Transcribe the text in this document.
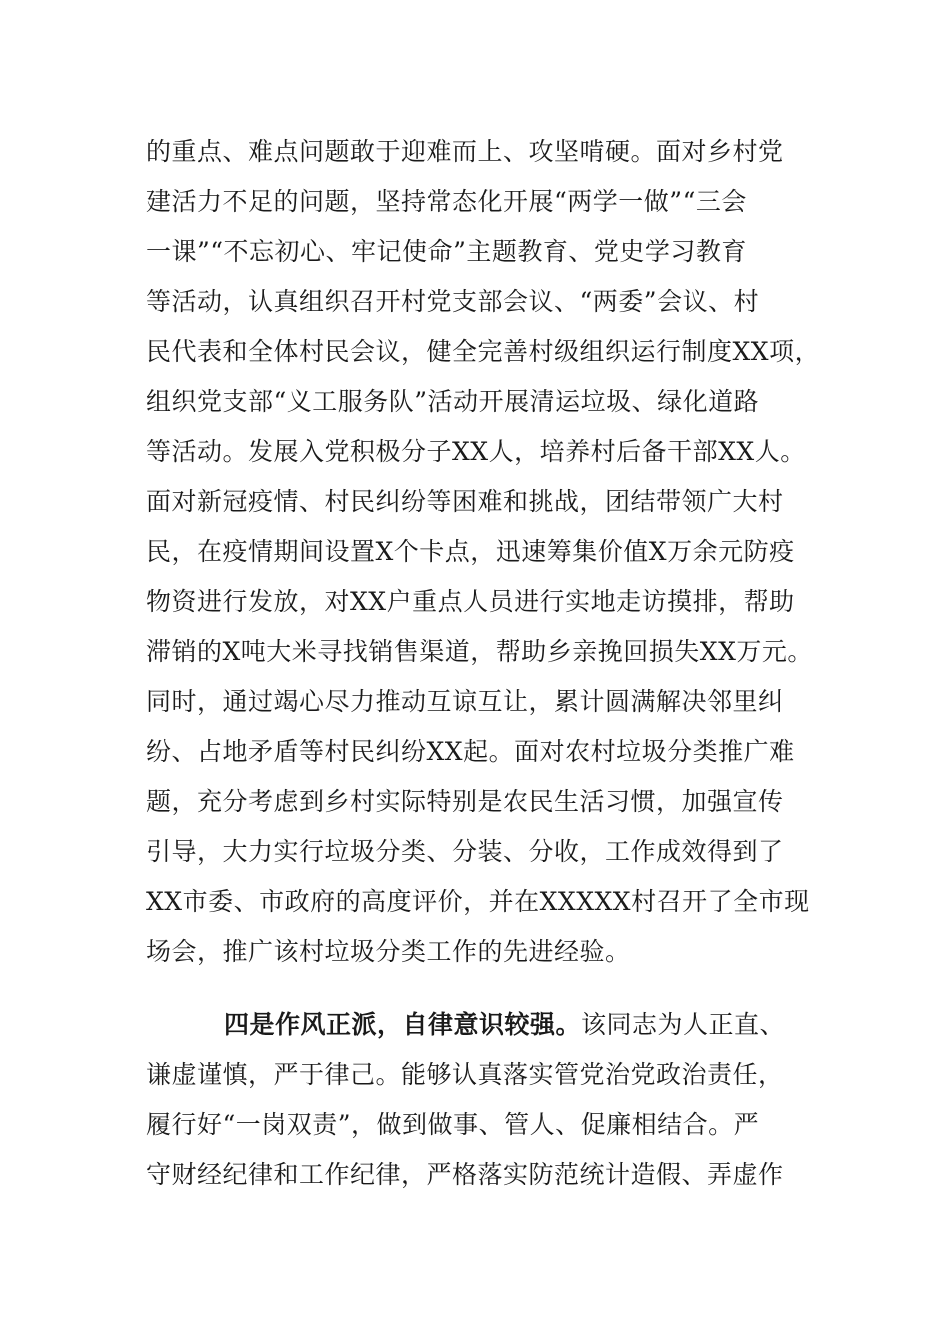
的重点、难点问题敢于迎难而上、攻坚啃硬。面对乡村党
建活力不足的问题，坚持常态化开展“两学一做”“三会
一课”“不忘初心、牢记使命”主题教育、党史学习教育
等活动，认真组织召开村党支部会议、“两委”会议、村
民代表和全体村民会议，健全完善村级组织运行制度XX项，
组织党支部“义工服务队”活动开展清运垃圾、绿化道路
等活动。发展入党积极分子XX人，培养村后备干部XX人。
面对新冠疫情、村民纠纷等困难和挑战，团结带领广大村
民，在疫情期间设置X个卡点，迅速筹集价值X万余元防疫
物资进行发放，对XX户重点人员进行实地走访摸排，帮助
滞销的X吨大米寻找销售渠道，帮助乡亲挽回损失XX万元。
同时，通过竭心尽力推动互谅互让，累计圆满解决邻里纠
纷、占地矛盾等村民纠纷XX起。面对农村垃圾分类推广难
题，充分考虑到乡村实际特别是农民生活习惯，加强宣传
引导，大力实行垃圾分类、分装、分收，工作成效得到了
XX市委、市政府的高度评价，并在XXXXX村召开了全市现
场会，推广该村垃圾分类工作的先进经验。
四是作风正派，自律意识较强。该同志为人正直、
谦虚谨慎，严于律己。能够认真落实管党治党政治责任，
履行好“一岗双责”，做到做事、管人、促廉相结合。严
守财经纪律和工作纪律，严格落实防范统计造假、弄虚作
